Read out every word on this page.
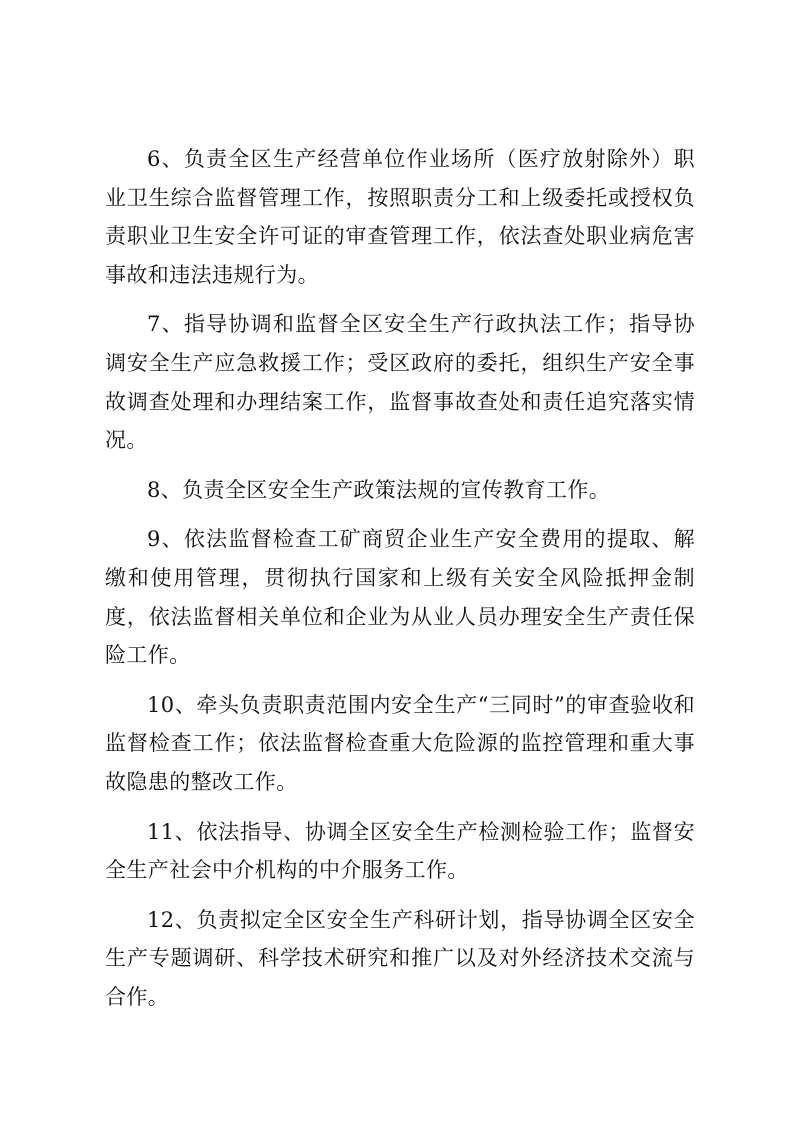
6、负责全区生产经营单位作业场所（医疗放射除外）职业卫生综合监督管理工作，按照职责分工和上级委托或授权负责职业卫生安全许可证的审查管理工作，依法查处职业病危害事故和违法违规行为。

7、指导协调和监督全区安全生产行政执法工作；指导协调安全生产应急救援工作；受区政府的委托，组织生产安全事故调查处理和办理结案工作，监督事故查处和责任追究落实情况。

8、负责全区安全生产政策法规的宣传教育工作。

9、依法监督检查工矿商贸企业生产安全费用的提取、解缴和使用管理，贯彻执行国家和上级有关安全风险抵押金制度，依法监督相关单位和企业为从业人员办理安全生产责任保险工作。

10、牵头负责职责范围内安全生产“三同时”的审查验收和监督检查工作；依法监督检查重大危险源的监控管理和重大事故隐患的整改工作。

11、依法指导、协调全区安全生产检测检验工作；监督安全生产社会中介机构的中介服务工作。

12、负责拟定全区安全生产科研计划，指导协调全区安全生产专题调研、科学技术研究和推广以及对外经济技术交流与合作。
